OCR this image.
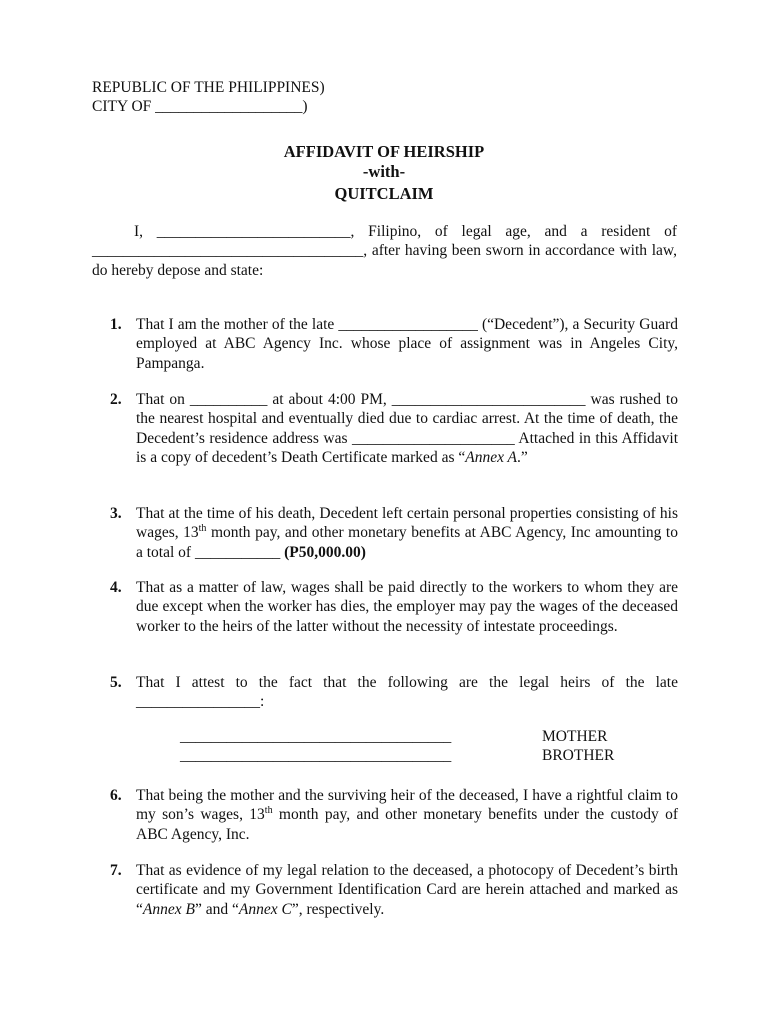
REPUBLIC OF THE PHILIPPINES)
CITY OF ___________________)
AFFIDAVIT OF HEIRSHIP
-with-
QUITCLAIM
I, _________________________, Filipino, of legal age, and a resident of ___________________________________, after having been sworn in accordance with law, do hereby depose and state:
1. That I am the mother of the late __________________ (“Decedent”), a Security Guard employed at ABC Agency Inc. whose place of assignment was in Angeles City, Pampanga.
2. That on __________ at about 4:00 PM, _________________________ was rushed to the nearest hospital and eventually died due to cardiac arrest. At the time of death, the Decedent’s residence address was _____________________ Attached in this Affidavit is a copy of decedent’s Death Certificate marked as “Annex A.”
3. That at the time of his death, Decedent left certain personal properties consisting of his wages, 13th month pay, and other monetary benefits at ABC Agency, Inc amounting to a total of ___________ (P50,000.00)
4. That as a matter of law, wages shall be paid directly to the workers to whom they are due except when the worker has dies, the employer may pay the wages of the deceased worker to the heirs of the latter without the necessity of intestate proceedings.
5. That I attest to the fact that the following are the legal heirs of the late ________________:
___________________________________	MOTHER
___________________________________	BROTHER
6. That being the mother and the surviving heir of the deceased, I have a rightful claim to my son’s wages, 13th month pay, and other monetary benefits under the custody of ABC Agency, Inc.
7. That as evidence of my legal relation to the deceased, a photocopy of Decedent’s birth certificate and my Government Identification Card are herein attached and marked as “Annex B” and “Annex C”, respectively.
